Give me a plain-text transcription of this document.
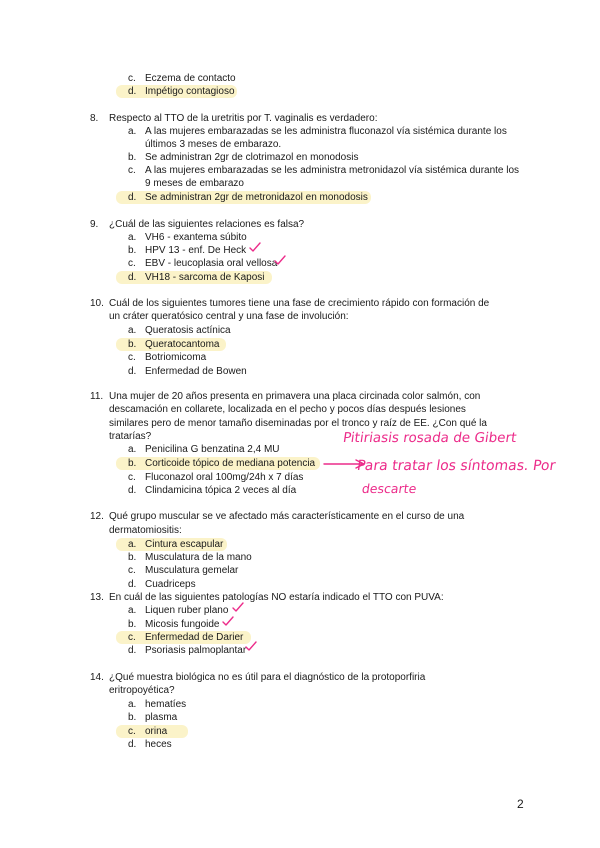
c. Eczema de contacto
d. Impétigo contagioso
8. Respecto al TTO de la uretritis por T. vaginalis es verdadero:
a. A las mujeres embarazadas se les administra fluconazol vía sistémica durante los
últimos 3 meses de embarazo.
b. Se administran 2gr de clotrimazol en monodosis
c. A las mujeres embarazadas se les administra metronidazol vía sistémica durante los
9 meses de embarazo
d. Se administran 2gr de metronidazol en monodosis
9. ¿Cuál de las siguientes relaciones es falsa?
a. VH6 - exantema súbito
b. HPV 13 - enf. De Heck
c. EBV - leucoplasia oral vellosa
d. VH18 - sarcoma de Kaposi
10. Cuál de los siguientes tumores tiene una fase de crecimiento rápido con formación de
un cráter queratósico central y una fase de involución:
a. Queratosis actínica
b. Queratocantoma
c. Botriomicoma
d. Enfermedad de Bowen
11. Una mujer de 20 años presenta en primavera una placa circinada color salmón, con
descamación en collarete, localizada en el pecho y pocos días después lesiones
similares pero de menor tamaño diseminadas por el tronco y raíz de EE. ¿Con qué la
tratarías?	Pitiriasis rosada de Gibert
a. Penicilina G benzatina 2,4 MU
b. Corticoide tópico de mediana potencia	Para tratar los síntomas. Por
c. Fluconazol oral 100mg/24h x 7 días
d. Clindamicina tópica 2 veces al día	descarte
12. Qué grupo muscular se ve afectado más característicamente en el curso de una
dermatomiositis:
a. Cintura escapular
b. Musculatura de la mano
c. Musculatura gemelar
d. Cuadriceps
13. En cuál de las siguientes patologías NO estaría indicado el TTO con PUVA:
a. Liquen ruber plano
b. Micosis fungoide
c. Enfermedad de Darier
d. Psoriasis palmoplantar
14. ¿Qué muestra biológica no es útil para el diagnóstico de la protoporfiria
eritropoyética?
a. hematíes
b. plasma
c. orina
d. heces
2
